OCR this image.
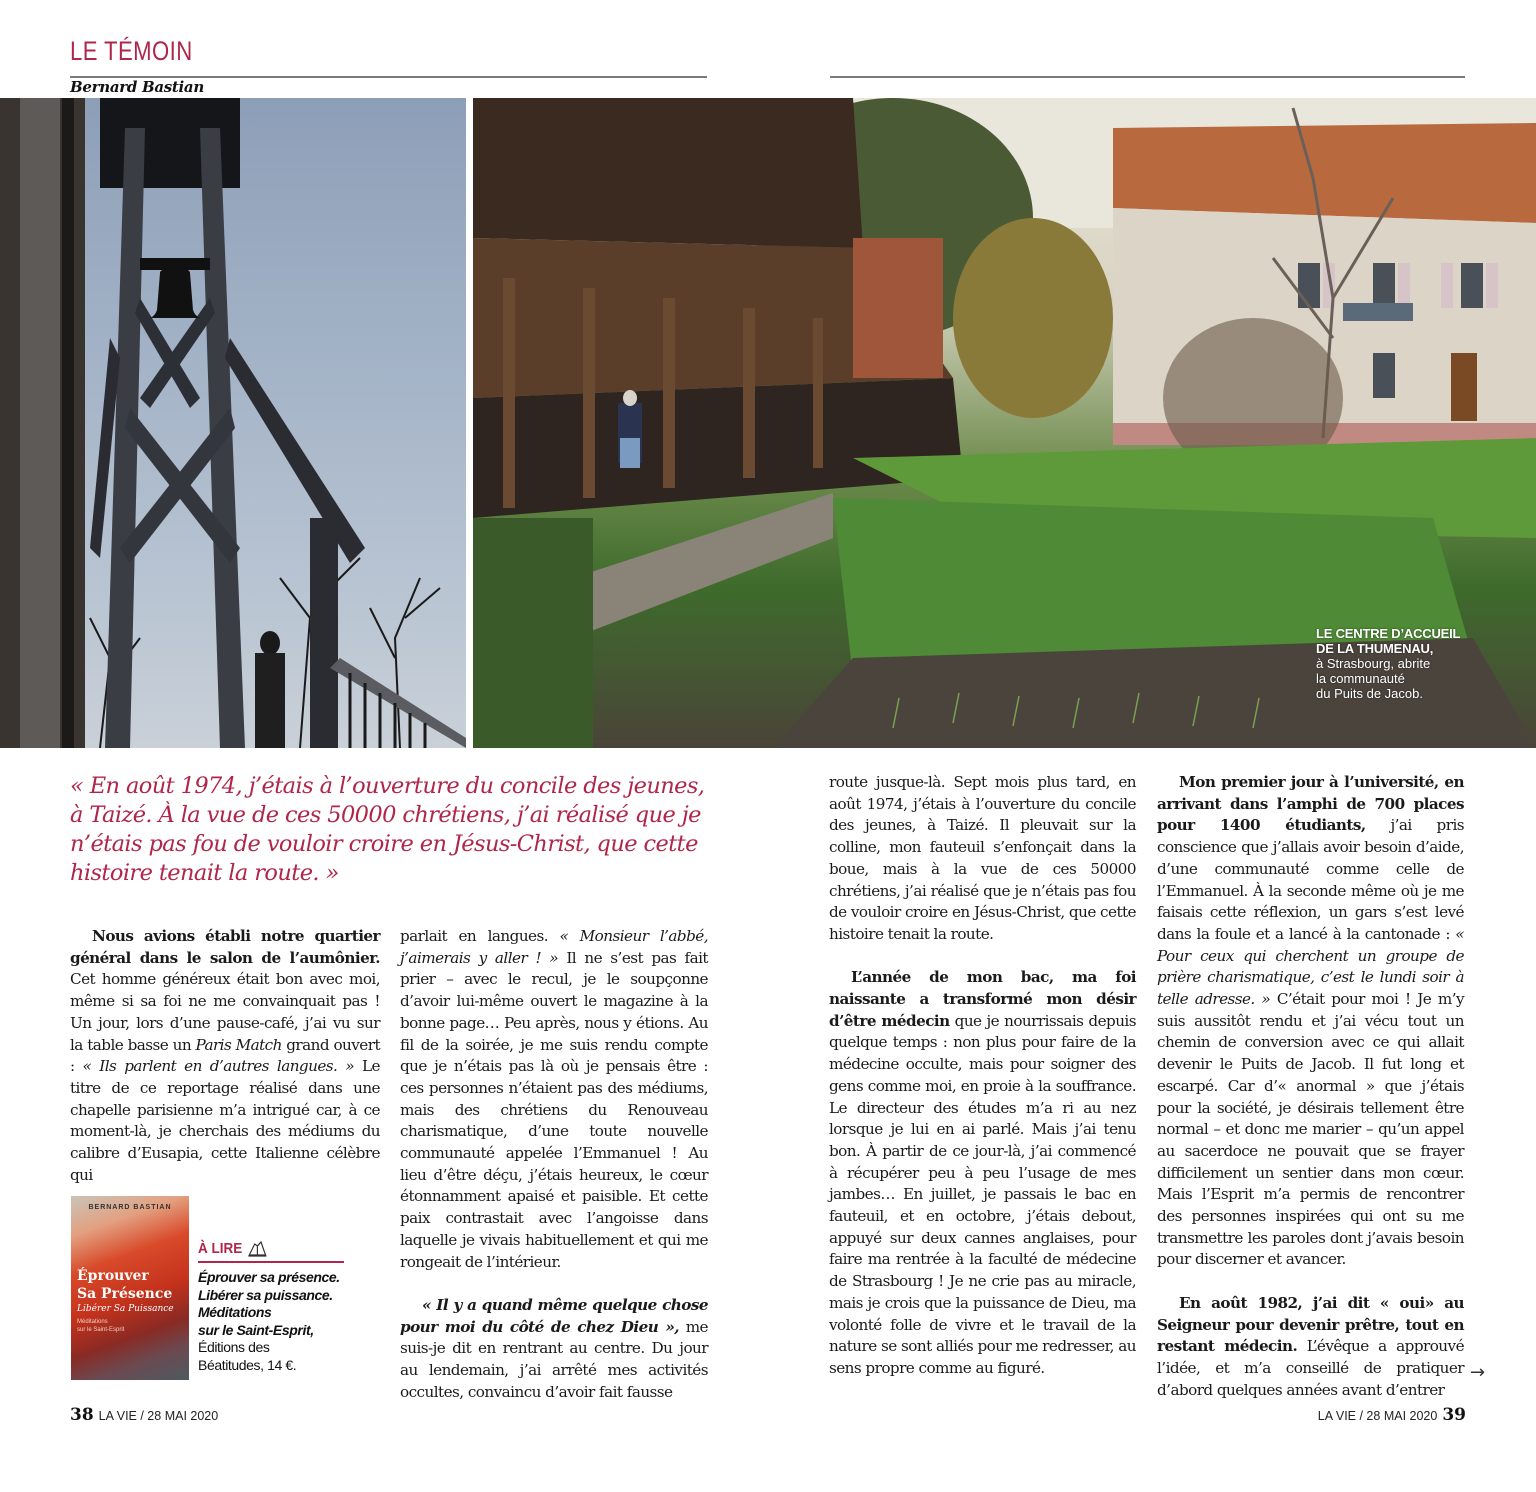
LE TÉMOIN
Bernard Bastian
LE CENTRE D’ACCUEIL
DE LA THUMENAU,
à Strasbourg, abrite
la communauté
du Puits de Jacob.
« En août 1974, j’étais à l’ouverture du concile des jeunes, à Taizé. À la vue de ces 50000 chrétiens, j’ai réalisé que je n’étais pas fou de vouloir croire en Jésus-Christ, que cette histoire tenait la route. »

Nous avions établi notre quartier général dans le salon de l’aumônier. Cet homme généreux était bon avec moi, même si sa foi ne me convainquait pas ! Un jour, lors d’une pause-café, j’ai vu sur la table basse un Paris Match grand ouvert : « Ils parlent en d’autres langues. » Le titre de ce reportage réalisé dans une chapelle parisienne m’a intrigué car, à ce moment-là, je cherchais des médiums du calibre d’Eusapia, cette Italienne célèbre qui

BERNARD BASTIAN
Éprouver
Sa Présence
Libérer Sa Puissance
Méditations
sur le Saint-Esprit
À LIRE
Éprouver sa présence.
Libérer sa puissance.
Méditations
sur le Saint-Esprit,
Éditions des
Béatitudes, 14 €.

parlait en langues. « Monsieur l’abbé, j’aimerais y aller ! » Il ne s’est pas fait prier – avec le recul, je le soupçonne d’avoir lui-même ouvert le magazine à la bonne page… Peu après, nous y étions. Au fil de la soirée, je me suis rendu compte que je n’étais pas là où je pensais être : ces personnes n’étaient pas des médiums, mais des chrétiens du Renouveau charismatique, d’une toute nouvelle communauté appelée l’Emmanuel ! Au lieu d’être déçu, j’étais heureux, le cœur étonnamment apaisé et paisible. Et cette paix contrastait avec l’angoisse dans laquelle je vivais habituellement et qui me rongeait de l’intérieur.

« Il y a quand même quelque chose pour moi du côté de chez Dieu », me suis-je dit en rentrant au centre. Du jour au lendemain, j’ai arrêté mes activités occultes, convaincu d’avoir fait fausse

route jusque-là. Sept mois plus tard, en août 1974, j’étais à l’ouverture du concile des jeunes, à Taizé. Il pleuvait sur la colline, mon fauteuil s’enfonçait dans la boue, mais à la vue de ces 50000 chrétiens, j’ai réalisé que je n’étais pas fou de vouloir croire en Jésus-Christ, que cette histoire tenait la route.

L’année de mon bac, ma foi naissante a transformé mon désir d’être médecin que je nourrissais depuis quelque temps : non plus pour faire de la médecine occulte, mais pour soigner des gens comme moi, en proie à la souffrance. Le directeur des études m’a ri au nez lorsque je lui en ai parlé. Mais j’ai tenu bon. À partir de ce jour-là, j’ai commencé à récupérer peu à peu l’usage de mes jambes… En juillet, je passais le bac en fauteuil, et en octobre, j’étais debout, appuyé sur deux cannes anglaises, pour faire ma rentrée à la faculté de médecine de Strasbourg ! Je ne crie pas au miracle, mais je crois que la puissance de Dieu, ma volonté folle de vivre et le travail de la nature se sont alliés pour me redresser, au sens propre comme au figuré.

Mon premier jour à l’université, en arrivant dans l’amphi de 700 places pour 1400 étudiants, j’ai pris conscience que j’allais avoir besoin d’aide, d’une communauté comme celle de l’Emmanuel. À la seconde même où je me faisais cette réflexion, un gars s’est levé dans la foule et a lancé à la cantonade : « Pour ceux qui cherchent un groupe de prière charismatique, c’est le lundi soir à telle adresse. » C’était pour moi ! Je m’y suis aussitôt rendu et j’ai vécu tout un chemin de conversion avec ce qui allait devenir le Puits de Jacob. Il fut long et escarpé. Car d’« anormal » que j’étais pour la société, je désirais tellement être normal – et donc me marier – qu’un appel au sacerdoce ne pouvait que se frayer difficilement un sentier dans mon cœur. Mais l’Esprit m’a permis de rencontrer des personnes inspirées qui ont su me transmettre les paroles dont j’avais besoin pour discerner et avancer.

En août 1982, j’ai dit « oui» au Seigneur pour devenir prêtre, tout en restant médecin. L’évêque a approuvé l’idée, et m’a conseillé de pratiquer d’abord quelques années avant d’entrer

→
38 LA VIE / 28 MAI 2020	LA VIE / 28 MAI 2020 39
